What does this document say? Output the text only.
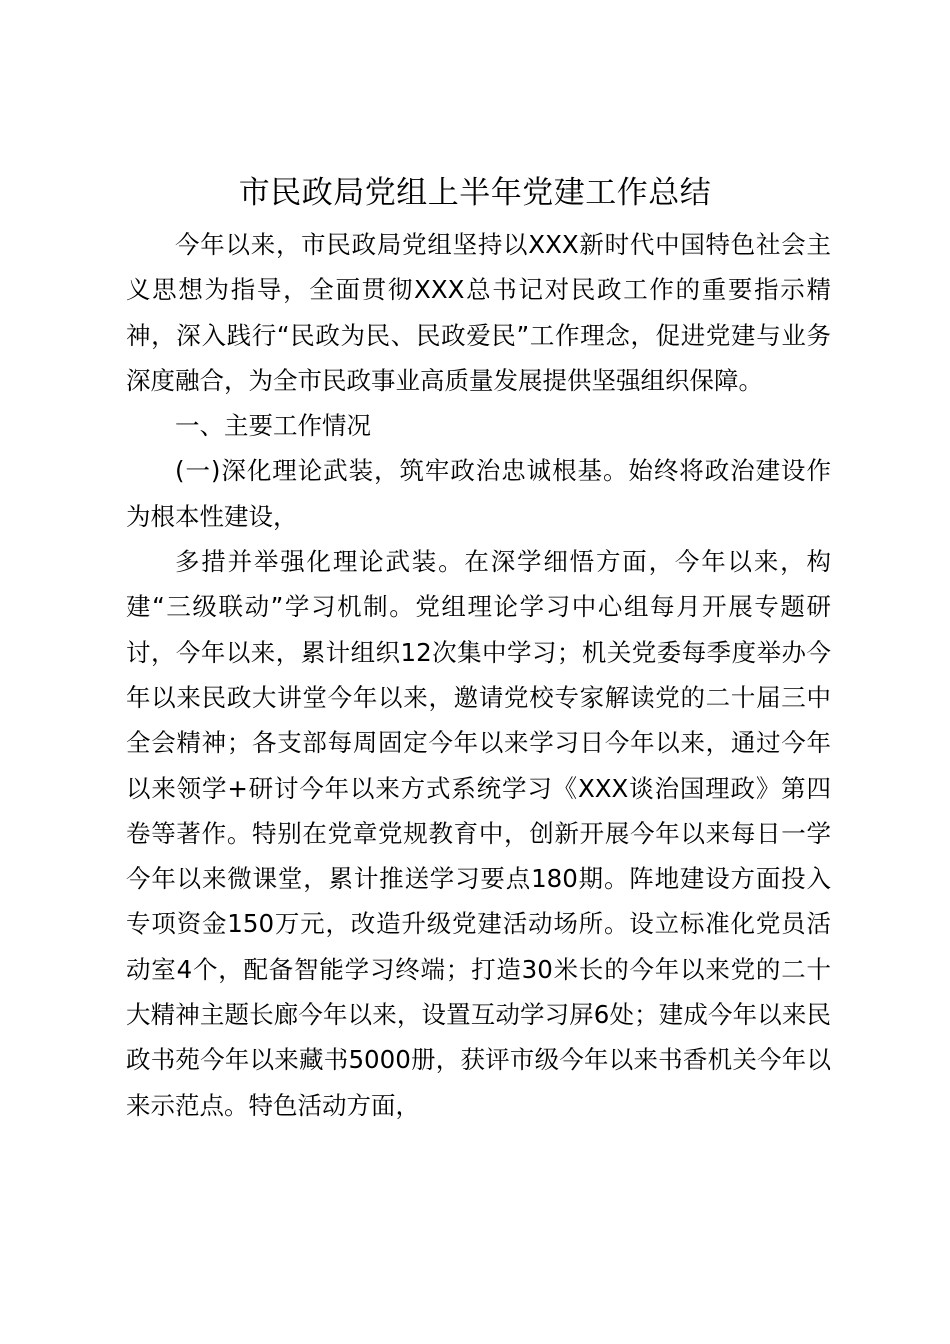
市民政局党组上半年党建工作总结

今年以来，市民政局党组坚持以XXX新时代中国特色社会主义思想为指导，全面贯彻XXX总书记对民政工作的重要指示精神，深入践行“民政为民、民政爱民”工作理念，促进党建与业务深度融合，为全市民政事业高质量发展提供坚强组织保障。

一、主要工作情况

(一)深化理论武装，筑牢政治忠诚根基。始终将政治建设作为根本性建设，

多措并举强化理论武装。在深学细悟方面，今年以来，构建“三级联动”学习机制。党组理论学习中心组每月开展专题研讨，今年以来，累计组织12次集中学习；机关党委每季度举办今年以来民政大讲堂今年以来，邀请党校专家解读党的二十届三中全会精神；各支部每周固定今年以来学习日今年以来，通过今年以来领学+研讨今年以来方式系统学习《XXX谈治国理政》第四卷等著作。特别在党章党规教育中，创新开展今年以来每日一学今年以来微课堂，累计推送学习要点180期。阵地建设方面投入专项资金150万元，改造升级党建活动场所。设立标准化党员活动室4个，配备智能学习终端；打造30米长的今年以来党的二十大精神主题长廊今年以来，设置互动学习屏6处；建成今年以来民政书苑今年以来藏书5000册，获评市级今年以来书香机关今年以来示范点。特色活动方面，
